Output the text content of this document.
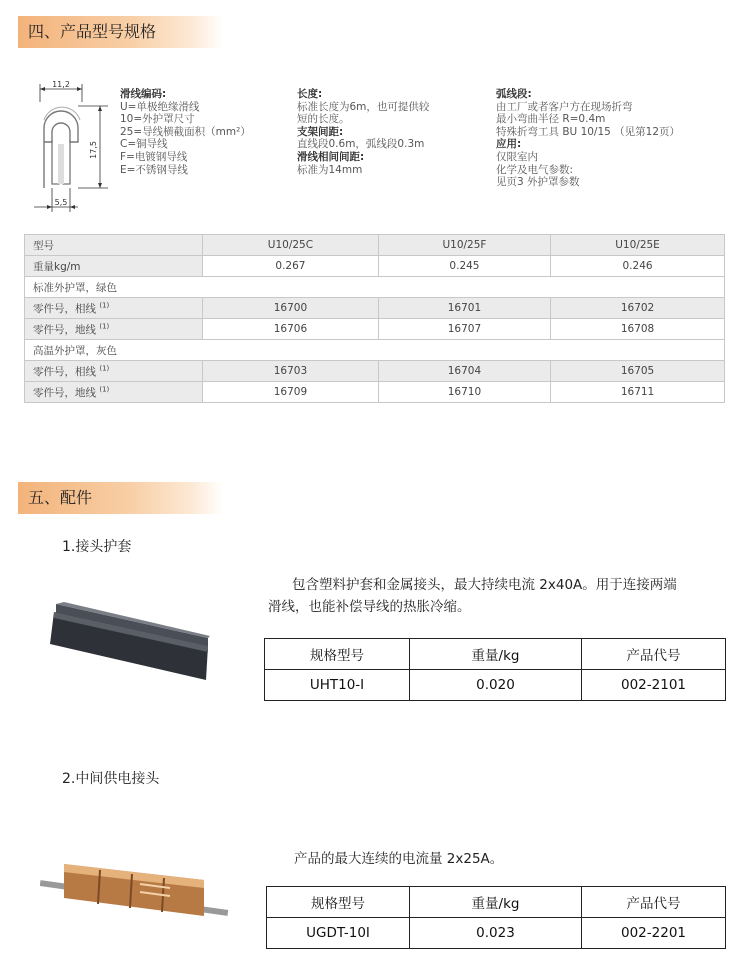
四、产品型号规格
11,2
17,5
5,5
滑线编码:
U=单极绝缘滑线
10=外护罩尺寸
25=导线横截面积（mm²）
C=铜导线
F=电镀钢导线
E=不锈钢导线
长度:
标准长度为6m，也可提供较
短的长度。
支架间距:
直线段0.6m，弧线段0.3m
滑线相间间距:
标准为14mm
弧线段:
由工厂或者客户方在现场折弯
最小弯曲半径 R=0.4m
特殊折弯工具 BU 10/15 （见第12页）
应用:
仅限室内
化学及电气参数:
见页3 外护罩参数
型号	U10/25C	U10/25F	U10/25E
重量kg/m	0.267	0.245	0.246
标准外护罩，绿色			
零件号，相线 $^{(1)}$	16700	16701	16702
零件号，地线 $^{(1)}$	16706	16707	16708
高温外护罩，灰色			
零件号，相线 $^{(1)}$	16703	16704	16705
零件号，地线 $^{(1)}$	16709	16710	16711
五、配件
1.接头护套
包含塑料护套和金属接头，最大持续电流 2x40A。用于连接两端
滑线，也能补偿导线的热胀冷缩。
规格型号	重量/kg	产品代号
UHT10-Ⅰ	0.020	002-2101
2.中间供电接头
产品的最大连续的电流量 2x25A。
规格型号	重量/kg	产品代号
UGDT-10Ⅰ	0.023	002-2201
